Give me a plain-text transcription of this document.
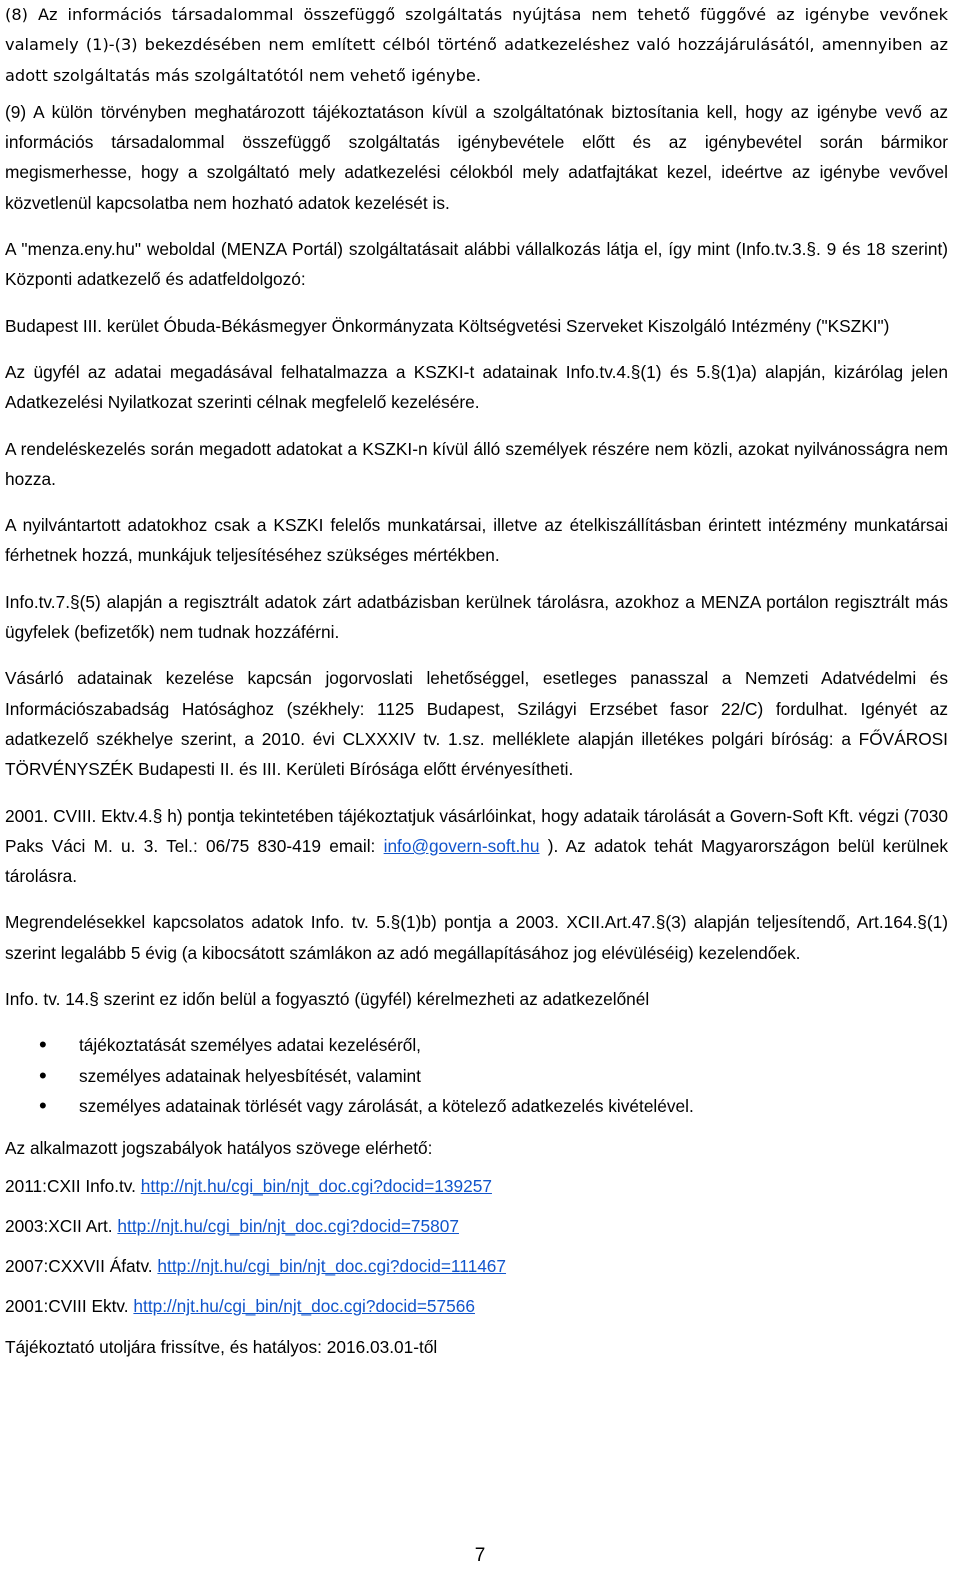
(8) Az információs társadalommal összefüggő szolgáltatás nyújtása nem tehető függővé az igénybe vevőnek valamely (1)-(3) bekezdésében nem említett célból történő adatkezeléshez való hozzájárulásától, amennyiben az adott szolgáltatás más szolgáltatótól nem vehető igénybe.

(9) A külön törvényben meghatározott tájékoztatáson kívül a szolgáltatónak biztosítania kell, hogy az igénybe vevő az információs társadalommal összefüggő szolgáltatás igénybevétele előtt és az igénybevétel során bármikor megismerhesse, hogy a szolgáltató mely adatkezelési célokból mely adatfajtákat kezel, ideértve az igénybe vevővel közvetlenül kapcsolatba nem hozható adatok kezelését is.

A "menza.eny.hu" weboldal (MENZA Portál) szolgáltatásait alábbi vállalkozás látja el, így mint (Info.tv.3.§. 9 és 18 szerint) Központi adatkezelő és adatfeldolgozó:

Budapest III. kerület Óbuda-Békásmegyer Önkormányzata Költségvetési Szerveket Kiszolgáló Intézmény ("KSZKI")

Az ügyfél az adatai megadásával felhatalmazza a KSZKI-t adatainak Info.tv.4.§(1) és 5.§(1)a) alapján, kizárólag jelen Adatkezelési Nyilatkozat szerinti célnak megfelelő kezelésére.

A rendeléskezelés során megadott adatokat a KSZKI-n kívül álló személyek részére nem közli, azokat nyilvánosságra nem hozza.

A nyilvántartott adatokhoz csak a KSZKI felelős munkatársai, illetve az ételkiszállításban érintett intézmény munkatársai férhetnek hozzá, munkájuk teljesítéséhez szükséges mértékben.

Info.tv.7.§(5) alapján a regisztrált adatok zárt adatbázisban kerülnek tárolásra, azokhoz a MENZA portálon regisztrált más ügyfelek (befizetők) nem tudnak hozzáférni.

Vásárló adatainak kezelése kapcsán jogorvoslati lehetőséggel, esetleges panasszal a Nemzeti Adatvédelmi és Információszabadság Hatósághoz (székhely: 1125 Budapest, Szilágyi Erzsébet fasor 22/C) fordulhat. Igényét az adatkezelő székhelye szerint, a 2010. évi CLXXXIV tv. 1.sz. melléklete alapján illetékes polgári bíróság: a FŐVÁROSI TÖRVÉNYSZÉK Budapesti II. és III. Kerületi Bírósága előtt érvényesítheti.

2001. CVIII. Ektv.4.§ h) pontja tekintetében tájékoztatjuk vásárlóinkat, hogy adataik tárolását a Govern-Soft Kft. végzi (7030 Paks Váci M. u. 3. Tel.: 06/75 830-419 email: info@govern-soft.hu ). Az adatok tehát Magyarországon belül kerülnek tárolásra.

Megrendelésekkel kapcsolatos adatok Info. tv. 5.§(1)b) pontja a 2003. XCII.Art.47.§(3) alapján teljesítendő, Art.164.§(1) szerint legalább 5 évig (a kibocsátott számlákon az adó megállapításához jog elévüléséig) kezelendőek.

Info. tv. 14.§ szerint ez időn belül a fogyasztó (ügyfél) kérelmezheti az adatkezelőnél

• tájékoztatását személyes adatai kezeléséről,
• személyes adatainak helyesbítését, valamint
• személyes adatainak törlését vagy zárolását, a kötelező adatkezelés kivételével.

Az alkalmazott jogszabályok hatályos szövege elérhető:

2011:CXII Info.tv. http://njt.hu/cgi_bin/njt_doc.cgi?docid=139257
2003:XCII Art. http://njt.hu/cgi_bin/njt_doc.cgi?docid=75807
2007:CXXVII Áfatv. http://njt.hu/cgi_bin/njt_doc.cgi?docid=111467
2001:CVIII Ektv. http://njt.hu/cgi_bin/njt_doc.cgi?docid=57566

Tájékoztató utoljára frissítve, és hatályos: 2016.03.01-től

7
